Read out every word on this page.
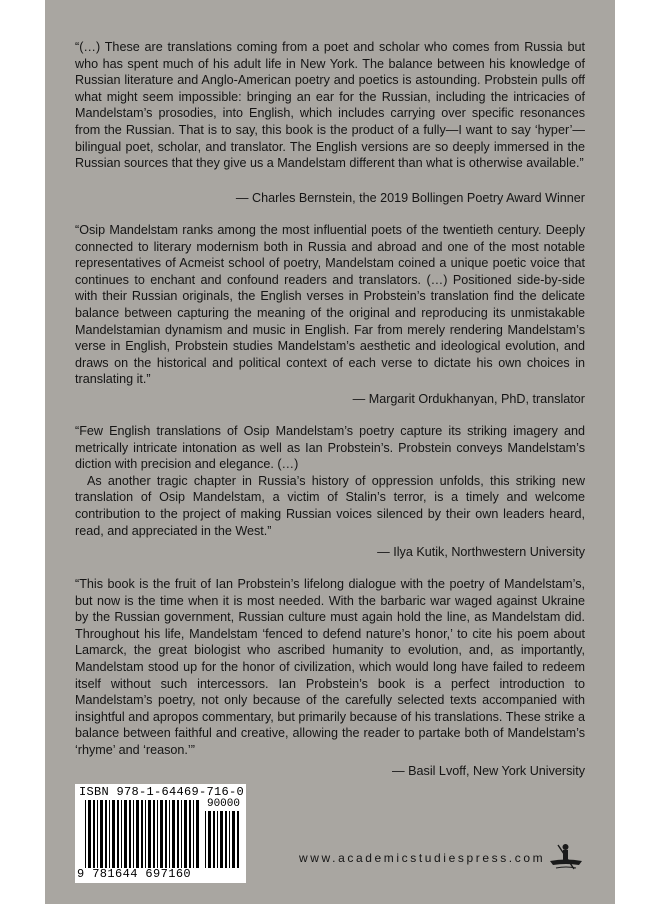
“(…) These are translations coming from a poet and scholar who comes from Russia but who has spent much of his adult life in New York. The balance between his knowledge of Russian literature and Anglo-American poetry and poetics is astounding. Probstein pulls off what might seem impossible: bringing an ear for the Russian, including the intricacies of Mandelstam’s prosodies, into English, which includes carrying over specific resonances from the Russian. That is to say, this book is the product of a fully—I want to say ‘hyper’—bilingual poet, scholar, and translator. The English versions are so deeply immersed in the Russian sources that they give us a Mandelstam different than what is otherwise available.”

— Charles Bernstein, the 2019 Bollingen Poetry Award Winner

“Osip Mandelstam ranks among the most influential poets of the twentieth century. Deeply connected to literary modernism both in Russia and abroad and one of the most notable representatives of Acmeist school of poetry, Mandelstam coined a unique poetic voice that continues to enchant and confound readers and translators. (…) Positioned side-by-side with their Russian originals, the English verses in Probstein’s translation find the delicate balance between capturing the meaning of the original and reproducing its unmistakable Mandelstamian dynamism and music in English. Far from merely rendering Mandelstam’s verse in English, Probstein studies Mandelstam’s aesthetic and ideological evolution, and draws on the historical and political context of each verse to dictate his own choices in translating it.”

— Margarit Ordukhanyan, PhD, translator

“Few English translations of Osip Mandelstam’s poetry capture its striking imagery and metrically intricate intonation as well as Ian Probstein’s. Probstein conveys Mandelstam’s diction with precision and elegance. (…)

As another tragic chapter in Russia’s history of oppression unfolds, this striking new translation of Osip Mandelstam, a victim of Stalin’s terror, is a timely and welcome contribution to the project of making Russian voices silenced by their own leaders heard, read, and appreciated in the West.”

— Ilya Kutik, Northwestern University

“This book is the fruit of Ian Probstein’s lifelong dialogue with the poetry of Mandelstam’s, but now is the time when it is most needed. With the barbaric war waged against Ukraine by the Russian government, Russian culture must again hold the line, as Mandelstam did. Throughout his life, Mandelstam ‘fenced to defend nature’s honor,’ to cite his poem about Lamarck, the great biologist who ascribed humanity to evolution, and, as importantly, Mandelstam stood up for the honor of civilization, which would long have failed to redeem itself without such intercessors. Ian Probstein’s book is a perfect introduction to Mandelstam’s poetry, not only because of the carefully selected texts accompanied with insightful and apropos commentary, but primarily because of his translations. These strike a balance between faithful and creative, allowing the reader to partake both of Mandelstam’s ‘rhyme’ and ‘reason.’”

— Basil Lvoff, New York University
ISBN 978-1-64469-716-0
90000
9 781644 697160
www.academicstudiespress.com
